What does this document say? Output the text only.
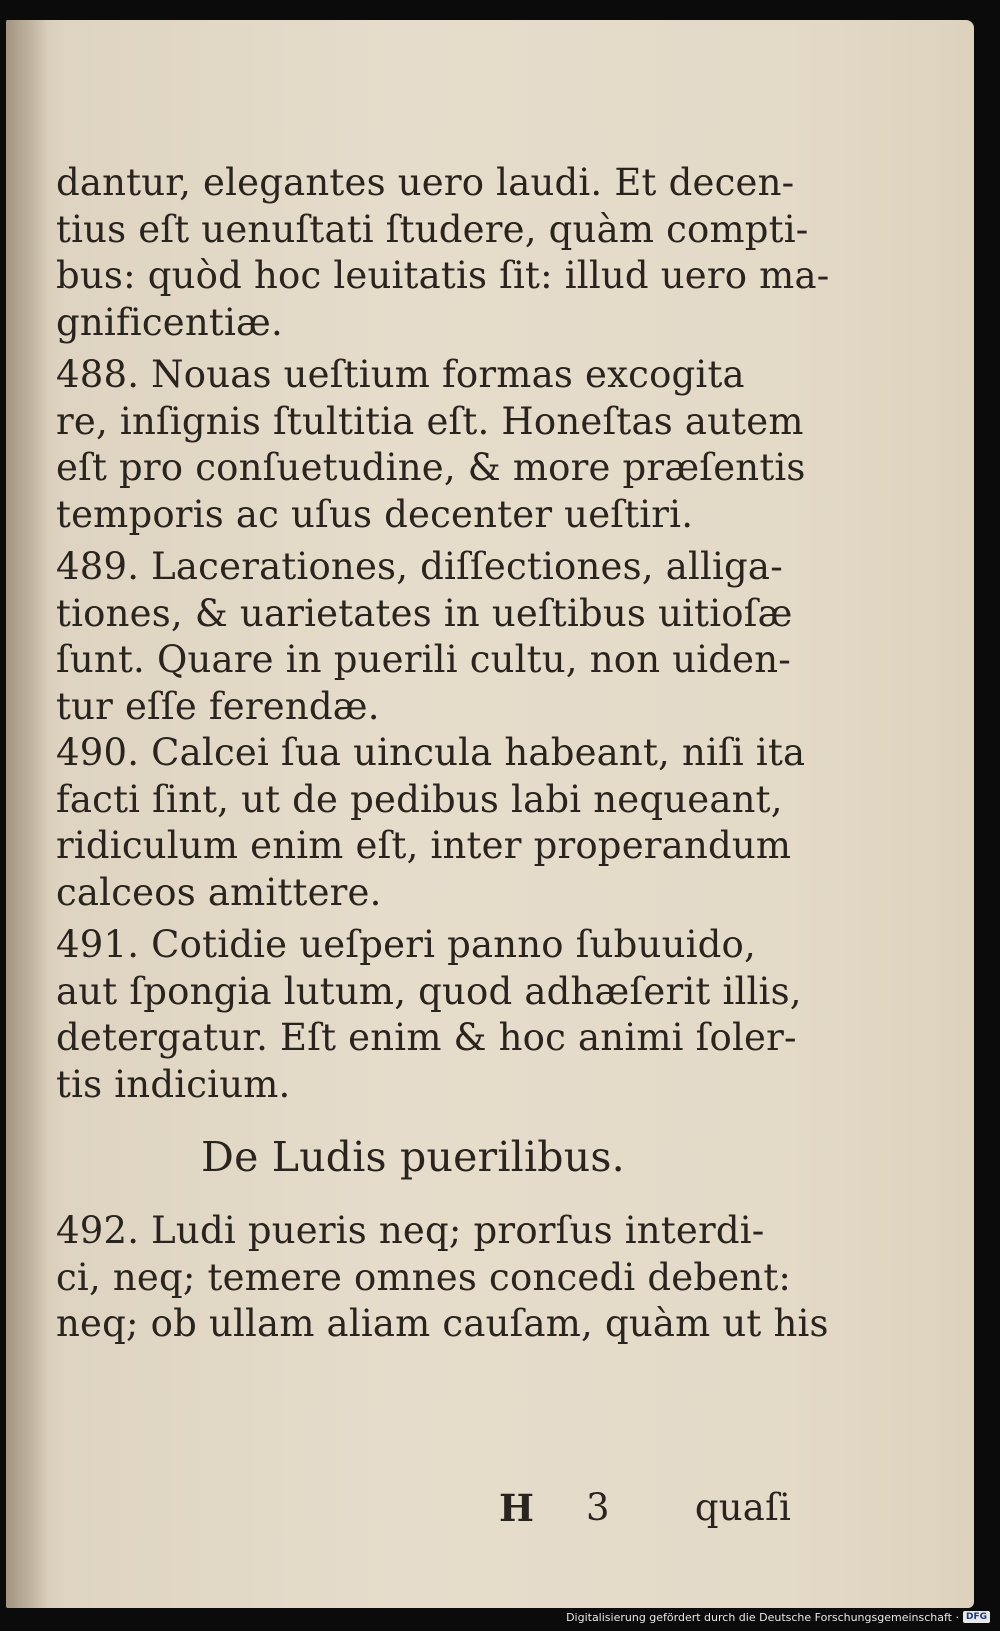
dantur, elegantes uero laudi. Et decen-
tius eſt uenuſtati ſtudere, quàm compti-
bus: quòd hoc leuitatis ſit: illud uero ma-
gnificentiæ.
488. Nouas ueſtium formas excogita
re, inſignis ſtultitia eſt. Honeſtas autem
eſt pro conſuetudine, & more præſentis
temporis ac uſus decenter ueſtiri.
489. Lacerationes, diſſectiones, alliga-
tiones, & uarietates in ueſtibus uitioſæ
ſunt. Quare in puerili cultu, non uiden-
tur eſſe ferendæ.
490. Calcei ſua uincula habeant, niſi ita
facti ſint, ut de pedibus labi nequeant,
ridiculum enim eſt, inter properandum
calceos amittere.
491. Cotidie ueſperi panno ſubuuido,
aut ſpongia lutum, quod adhæſerit illis,
detergatur. Eſt enim & hoc animi ſoler-
tis indicium.
De Ludis puerilibus.
492. Ludi pueris neq; prorſus interdi-
ci, neq; temere omnes concedi debent:
neq; ob ullam aliam cauſam, quàm ut his
H 3 quaſi
Digitalisierung gefördert durch die Deutsche Forschungsgemeinschaft · DFG
